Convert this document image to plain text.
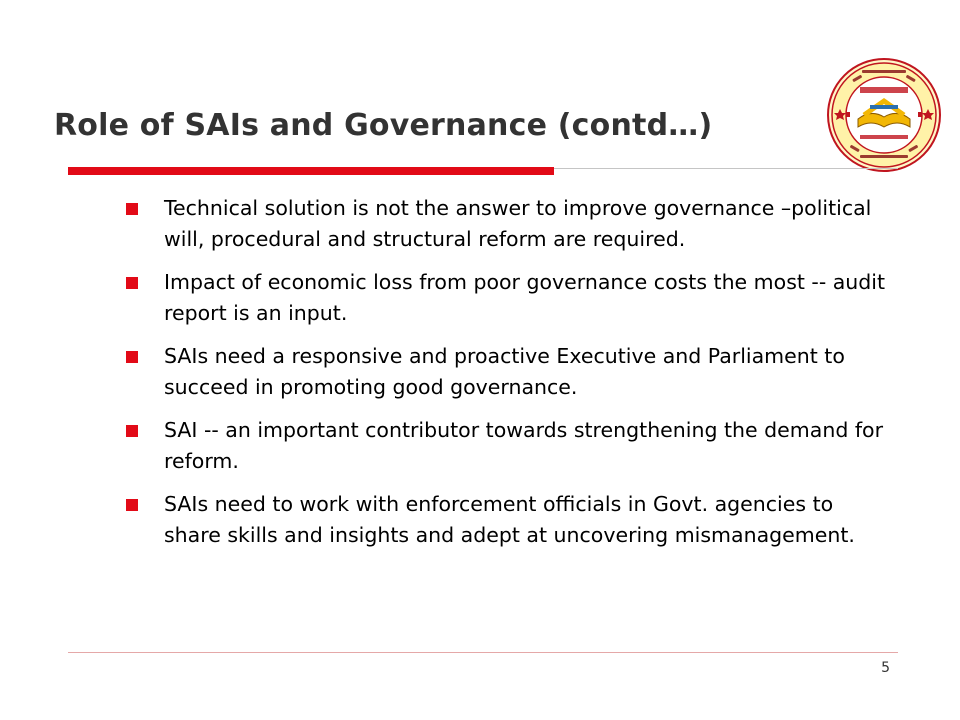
Role of SAIs and Governance (contd…)
Technical solution is not the answer to improve governance –political will, procedural and structural reform are required.
Impact of economic loss from poor governance costs the most -- audit report is an input.
SAIs need a responsive and proactive Executive and Parliament to succeed in promoting good governance.
SAI -- an important contributor towards strengthening the demand for reform.
SAIs need to work with enforcement officials in Govt. agencies to share skills and insights and adept at uncovering mismanagement.
5
